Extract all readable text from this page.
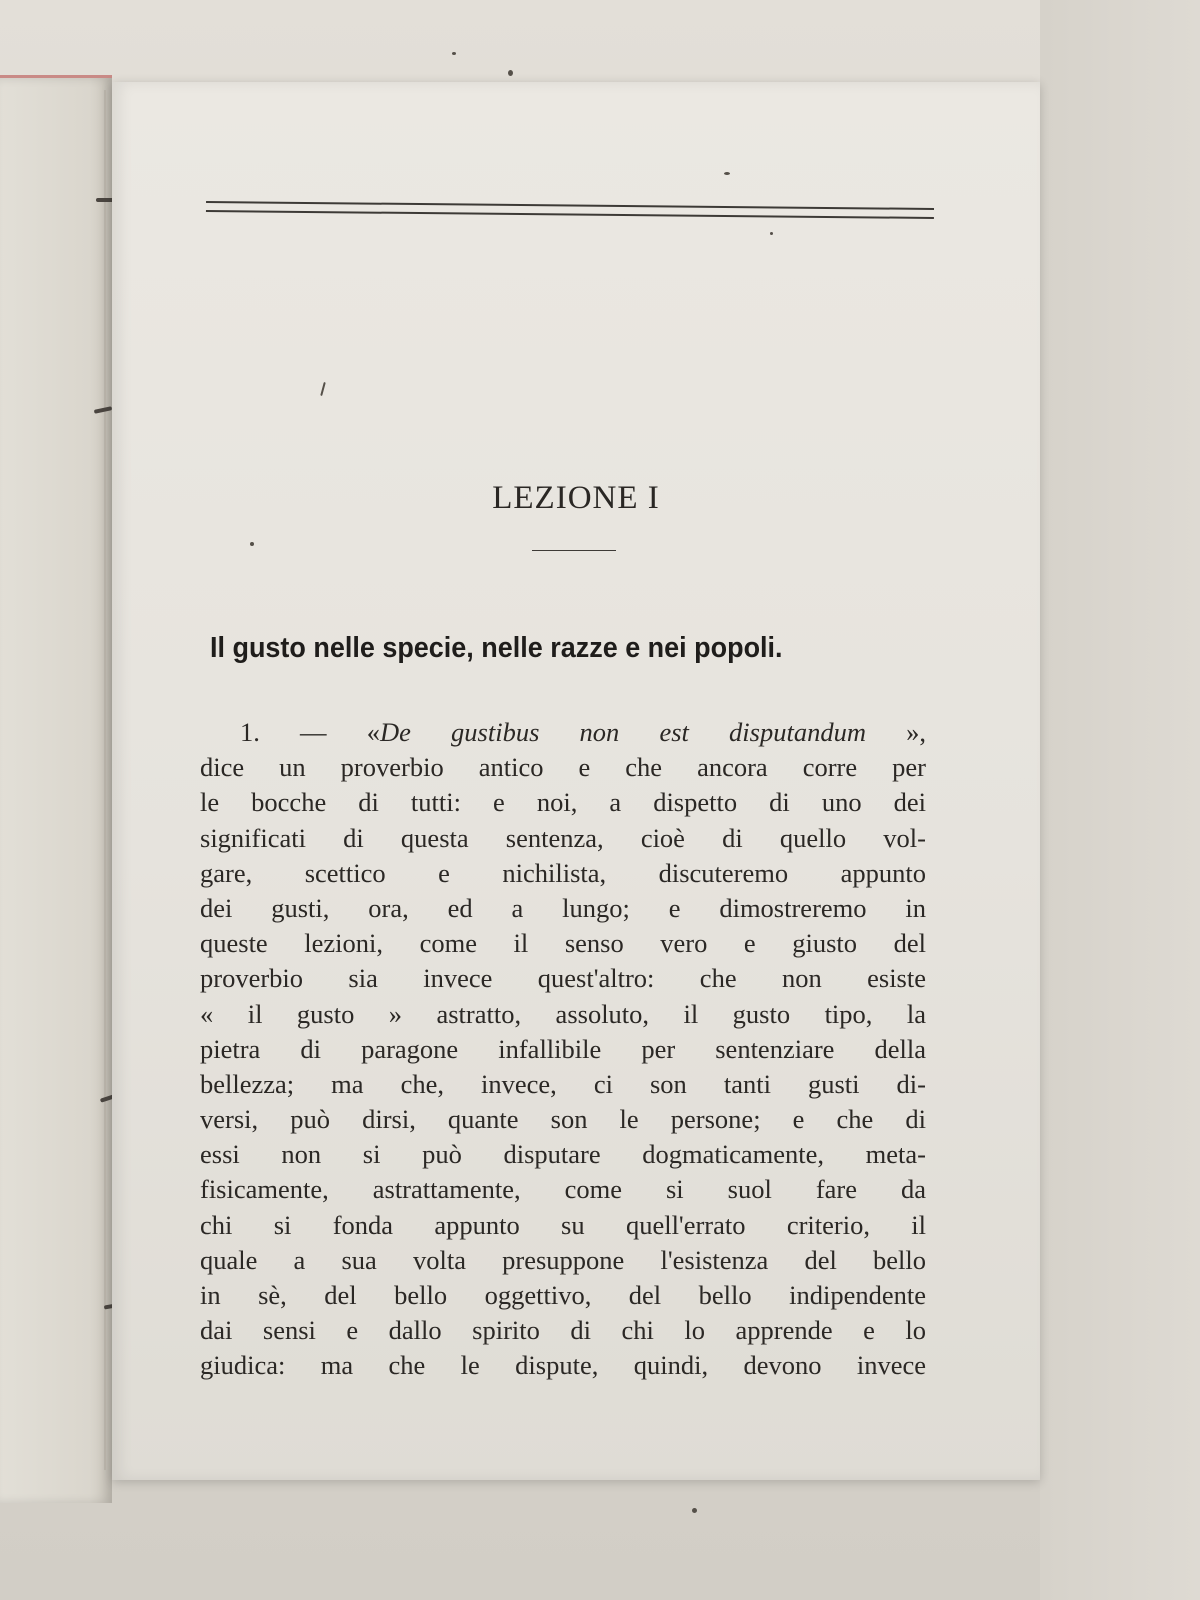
LEZIONE I
Il gusto nelle specie, nelle razze e nei popoli.
1. — «De gustibus non est disputandum »,
dice un proverbio antico e che ancora corre per
le bocche di tutti: e noi, a dispetto di uno dei
significati di questa sentenza, cioè di quello vol-
gare, scettico e nichilista, discuteremo appunto
dei gusti, ora, ed a lungo; e dimostreremo in
queste lezioni, come il senso vero e giusto del
proverbio sia invece quest'altro: che non esiste
« il gusto » astratto, assoluto, il gusto tipo, la
pietra di paragone infallibile per sentenziare della
bellezza; ma che, invece, ci son tanti gusti di-
versi, può dirsi, quante son le persone; e che di
essi non si può disputare dogmaticamente, meta-
fisicamente, astrattamente, come si suol fare da
chi si fonda appunto su quell'errato criterio, il
quale a sua volta presuppone l'esistenza del bello
in sè, del bello oggettivo, del bello indipendente
dai sensi e dallo spirito di chi lo apprende e lo
giudica: ma che le dispute, quindi, devono invece
